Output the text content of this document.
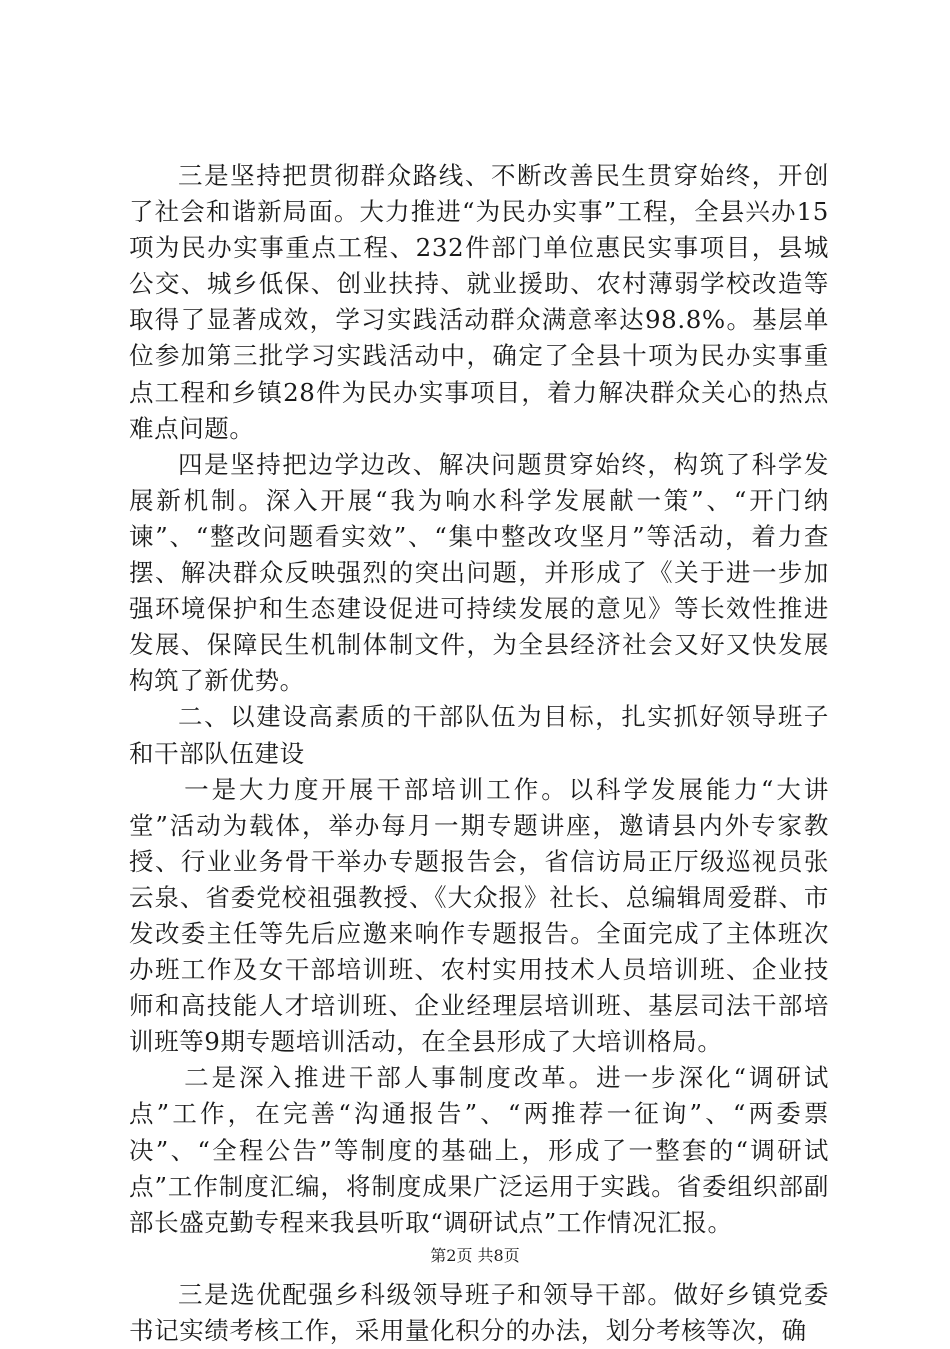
三是坚持把贯彻群众路线、不断改善民生贯穿始终，开创了社会和谐新局面。大力推进“为民办实事”工程，全县兴办15项为民办实事重点工程、232件部门单位惠民实事项目，县城公交、城乡低保、创业扶持、就业援助、农村薄弱学校改造等取得了显著成效，学习实践活动群众满意率达98.8%。基层单位参加第三批学习实践活动中，确定了全县十项为民办实事重点工程和乡镇28件为民办实事项目，着力解决群众关心的热点难点问题。

四是坚持把边学边改、解决问题贯穿始终，构筑了科学发展新机制。深入开展“我为响水科学发展献一策”、“开门纳谏”、“整改问题看实效”、“集中整改攻坚月”等活动，着力查摆、解决群众反映强烈的突出问题，并形成了《关于进一步加强环境保护和生态建设促进可持续发展的意见》等长效性推进发展、保障民生机制体制文件，为全县经济社会又好又快发展构筑了新优势。

二、以建设高素质的干部队伍为目标，扎实抓好领导班子和干部队伍建设

一是大力度开展干部培训工作。以科学发展能力“大讲堂”活动为载体，举办每月一期专题讲座，邀请县内外专家教授、行业业务骨干举办专题报告会，省信访局正厅级巡视员张云泉、省委党校祖强教授、《大众报》社长、总编辑周爱群、市发改委主任等先后应邀来响作专题报告。全面完成了主体班次办班工作及女干部培训班、农村实用技术人员培训班、企业技师和高技能人才培训班、企业经理层培训班、基层司法干部培训班等9期专题培训活动，在全县形成了大培训格局。

二是深入推进干部人事制度改革。进一步深化“调研试点”工作，在完善“沟通报告”、“两推荐一征询”、“两委票决”、“全程公告”等制度的基础上，形成了一整套的“调研试点”工作制度汇编，将制度成果广泛运用于实践。省委组织部副部长盛克勤专程来我县听取“调研试点”工作情况汇报。

三是选优配强乡科级领导班子和领导干部。做好乡镇党委书记实绩考核工作，采用量化积分的办法，划分考核等次，确

第2页 共8页
